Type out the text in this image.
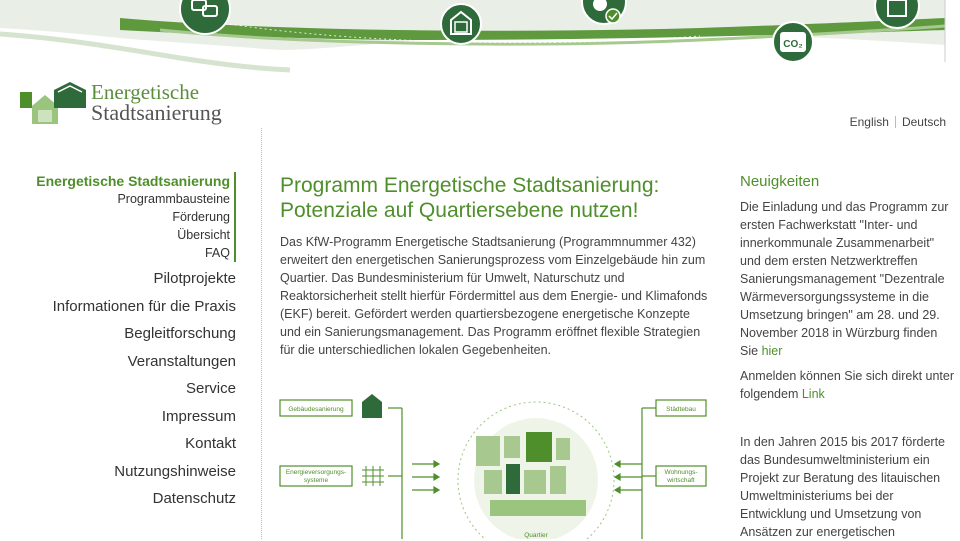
CO₂
Energetische
Stadtsanierung	English Deutsch
Energetische Stadtsanierung
Programmbausteine
Förderung
Übersicht
FAQ
Pilotprojekte
Informationen für die Praxis
Begleitforschung
Veranstaltungen
Service
Impressum
Kontakt
Nutzungshinweise
Datenschutz
Programm Energetische Stadtsanierung:
Potenziale auf Quartiersebene nutzen!

Das KfW-Programm Energetische Stadtsanierung (Programmnummer 432) erweitert den energetischen Sanierungsprozess vom Einzelgebäude hin zum Quartier. Das Bundesministerium für Umwelt, Naturschutz und Reaktorsicherheit stellt hierfür Fördermittel aus dem Energie- und Klimafonds (EKF) bereit. Gefördert werden quartiersbezogene energetische Konzepte und ein Sanierungsmanagement. Das Programm eröffnet flexible Strategien für die unterschiedlichen lokalen Gegebenheiten.

Gebäudesanierung
Energieversorgungs-
systeme
Quartier
Städtebau
Wohnungs-
wirtschaft
Neuigkeiten

Die Einladung und das Programm zur ersten Fachwerkstatt "Inter- und innerkommunale Zusammenarbeit" und dem ersten Netzwerktreffen Sanierungsmanagement "Dezentrale Wärmeversorgungssysteme in die Umsetzung bringen" am 28. und 29. November 2018 in Würzburg finden Sie hier

Anmelden können Sie sich direkt unter folgendem Link

In den Jahren 2015 bis 2017 förderte das Bundesumweltministerium ein Projekt zur Beratung des litauischen Umweltministeriums bei der Entwicklung und Umsetzung von Ansätzen zur energetischen
